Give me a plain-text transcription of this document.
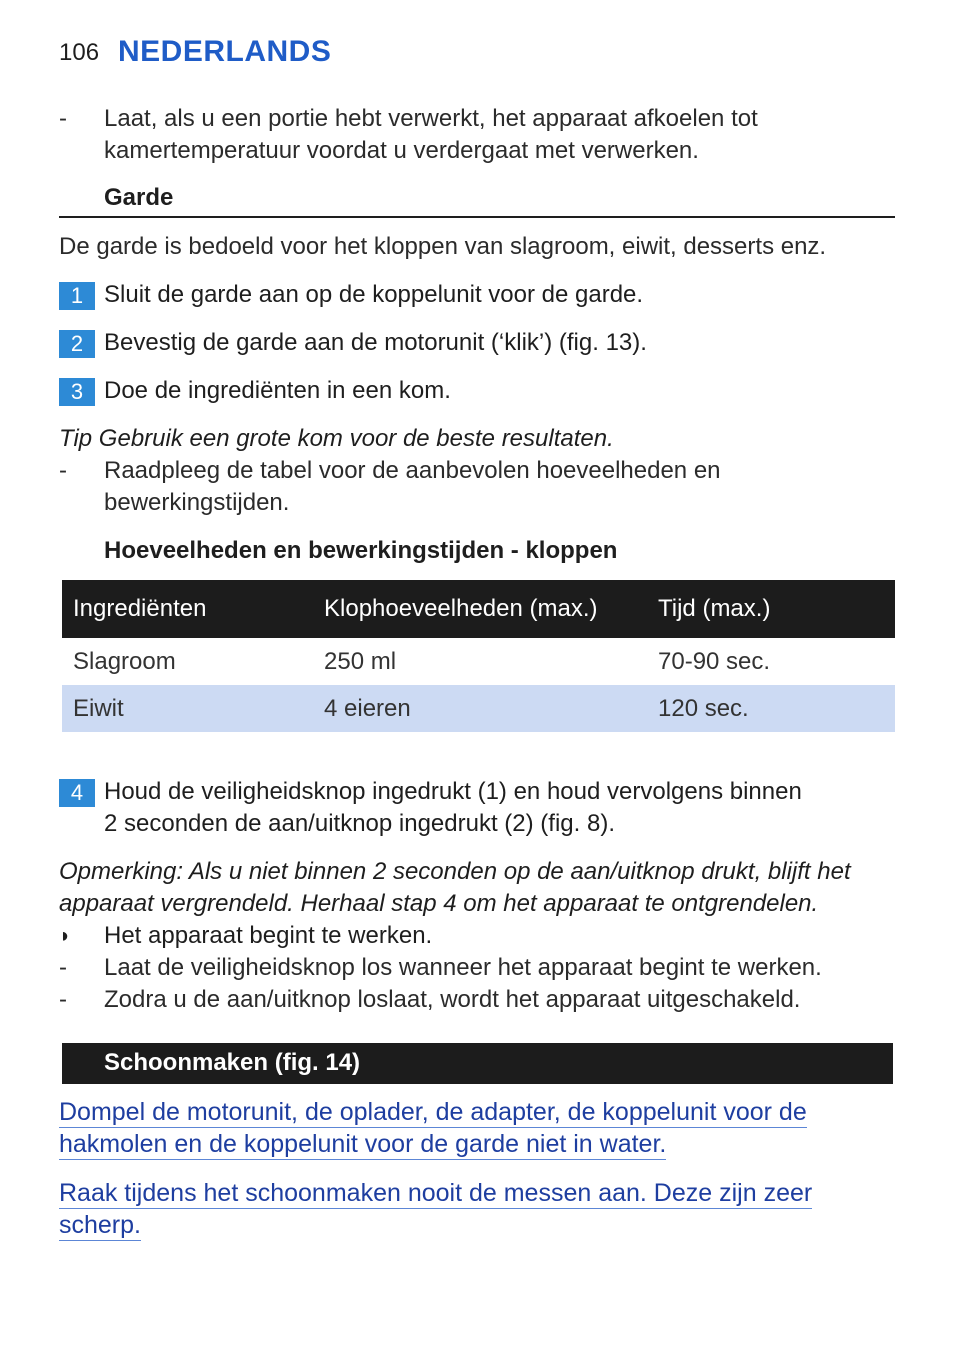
106 NEDERLANDS
-	Laat, als u een portie hebt verwerkt, het apparaat afkoelen tot
kamertemperatuur voordat u verdergaat met verwerken.
Garde
De garde is bedoeld voor het kloppen van slagroom, eiwit, desserts enz.
1 Sluit de garde aan op de koppelunit voor de garde.
2 Bevestig de garde aan de motorunit (‘klik’) (fig. 13).
3 Doe de ingrediënten in een kom.
Tip Gebruik een grote kom voor de beste resultaten.
-	Raadpleeg de tabel voor de aanbevolen hoeveelheden en
bewerkingstijden.
Hoeveelheden en bewerkingstijden - kloppen
Ingrediënten	Klophoeveelheden (max.)	Tijd (max.)
Slagroom	250 ml	70-90 sec.
Eiwit	4 eieren	120 sec.
4 Houd de veiligheidsknop ingedrukt (1) en houd vervolgens binnen
2 seconden de aan/uitknop ingedrukt (2) (fig. 8).
Opmerking: Als u niet binnen 2 seconden op de aan/uitknop drukt, blijft het
apparaat vergrendeld. Herhaal stap 4 om het apparaat te ontgrendelen.
◗ Het apparaat begint te werken.
-	Laat de veiligheidsknop los wanneer het apparaat begint te werken.
-	Zodra u de aan/uitknop loslaat, wordt het apparaat uitgeschakeld.
Schoonmaken (fig. 14)
Dompel de motorunit, de oplader, de adapter, de koppelunit voor de
hakmolen en de koppelunit voor de garde niet in water.
Raak tijdens het schoonmaken nooit de messen aan. Deze zijn zeer
scherp.
